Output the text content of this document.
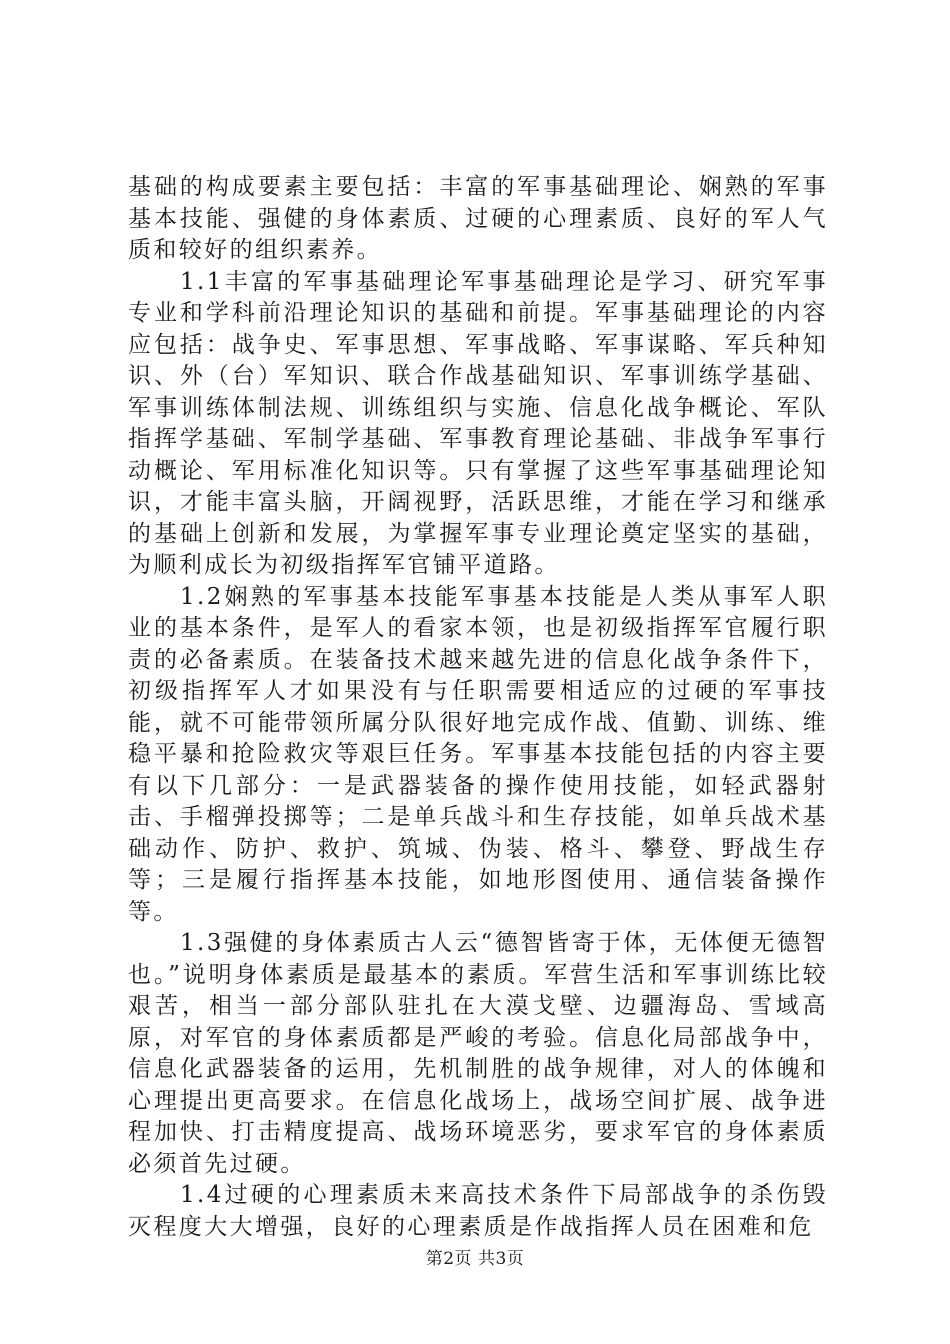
基础的构成要素主要包括：丰富的军事基础理论、娴熟的军事基本技能、强健的身体素质、过硬的心理素质、良好的军人气质和较好的组织素养。

1.1丰富的军事基础理论军事基础理论是学习、研究军事专业和学科前沿理论知识的基础和前提。军事基础理论的内容应包括：战争史、军事思想、军事战略、军事谋略、军兵种知识、外（台）军知识、联合作战基础知识、军事训练学基础、军事训练体制法规、训练组织与实施、信息化战争概论、军队指挥学基础、军制学基础、军事教育理论基础、非战争军事行动概论、军用标准化知识等。只有掌握了这些军事基础理论知识，才能丰富头脑，开阔视野，活跃思维，才能在学习和继承的基础上创新和发展，为掌握军事专业理论奠定坚实的基础，为顺利成长为初级指挥军官铺平道路。

1.2娴熟的军事基本技能军事基本技能是人类从事军人职业的基本条件，是军人的看家本领，也是初级指挥军官履行职责的必备素质。在装备技术越来越先进的信息化战争条件下，初级指挥军人才如果没有与任职需要相适应的过硬的军事技能，就不可能带领所属分队很好地完成作战、值勤、训练、维稳平暴和抢险救灾等艰巨任务。军事基本技能包括的内容主要有以下几部分：一是武器装备的操作使用技能，如轻武器射击、手榴弹投掷等；二是单兵战斗和生存技能，如单兵战术基础动作、防护、救护、筑城、伪装、格斗、攀登、野战生存等；三是履行指挥基本技能，如地形图使用、通信装备操作等。

1.3强健的身体素质古人云“德智皆寄于体，无体便无德智也。”说明身体素质是最基本的素质。军营生活和军事训练比较艰苦，相当一部分部队驻扎在大漠戈壁、边疆海岛、雪域高原，对军官的身体素质都是严峻的考验。信息化局部战争中，信息化武器装备的运用，先机制胜的战争规律，对人的体魄和心理提出更高要求。在信息化战场上，战场空间扩展、战争进程加快、打击精度提高、战场环境恶劣，要求军官的身体素质必须首先过硬。

1.4过硬的心理素质未来高技术条件下局部战争的杀伤毁灭程度大大增强，良好的心理素质是作战指挥人员在困难和危

第2页 共3页
